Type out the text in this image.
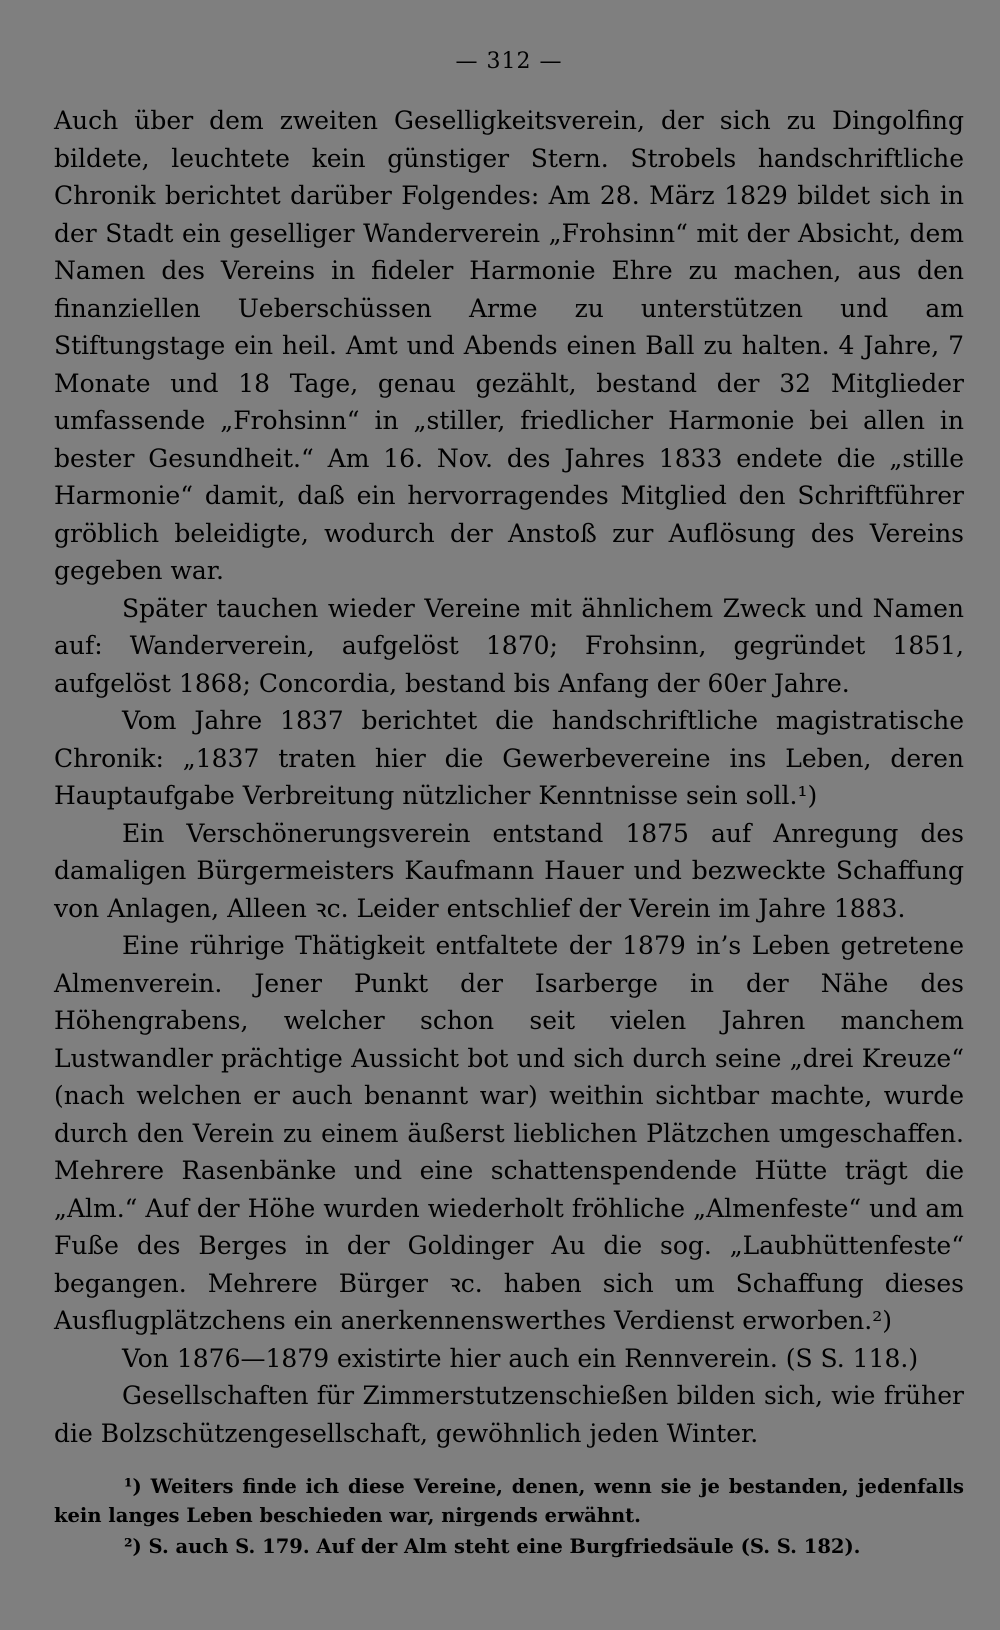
— 312 —

Auch über dem zweiten Geselligkeitsverein, der sich zu Dingolfing bildete, leuchtete kein günstiger Stern. Strobels handschriftliche Chronik berichtet darüber Folgendes: Am 28. März 1829 bildet sich in der Stadt ein geselliger Wanderverein „Frohsinn“ mit der Absicht, dem Namen des Vereins in fideler Harmonie Ehre zu machen, aus den finanziellen Ueberschüssen Arme zu unterstützen und am Stiftungstage ein heil. Amt und Abends einen Ball zu halten. 4 Jahre, 7 Monate und 18 Tage, genau gezählt, bestand der 32 Mitglieder umfassende „Frohsinn“ in „stiller, friedlicher Harmonie bei allen in bester Gesundheit.“ Am 16. Nov. des Jahres 1833 endete die „stille Harmonie“ damit, daß ein hervorragendes Mitglied den Schriftführer gröblich beleidigte, wodurch der Anstoß zur Auflösung des Vereins gegeben war.

Später tauchen wieder Vereine mit ähnlichem Zweck und Namen auf: Wanderverein, aufgelöst 1870; Frohsinn, gegründet 1851, aufgelöst 1868; Concordia, bestand bis Anfang der 60er Jahre.

Vom Jahre 1837 berichtet die handschriftliche magistratische Chronik: „1837 traten hier die Gewerbevereine ins Leben, deren Hauptaufgabe Verbreitung nützlicher Kenntnisse sein soll.¹)

Ein Verschönerungsverein entstand 1875 auf Anregung des damaligen Bürgermeisters Kaufmann Hauer und bezweckte Schaffung von Anlagen, Alleen ꝛc. Leider entschlief der Verein im Jahre 1883.

Eine rührige Thätigkeit entfaltete der 1879 in’s Leben getretene Almenverein. Jener Punkt der Isarberge in der Nähe des Höhengrabens, welcher schon seit vielen Jahren manchem Lustwandler prächtige Aussicht bot und sich durch seine „drei Kreuze“ (nach welchen er auch benannt war) weithin sichtbar machte, wurde durch den Verein zu einem äußerst lieblichen Plätzchen umgeschaffen. Mehrere Rasenbänke und eine schattenspendende Hütte trägt die „Alm.“ Auf der Höhe wurden wiederholt fröhliche „Almenfeste“ und am Fuße des Berges in der Goldinger Au die sog. „Laubhüttenfeste“ begangen. Mehrere Bürger ꝛc. haben sich um Schaffung dieses Ausflugplätzchens ein anerkennenswerthes Verdienst erworben.²)

Von 1876—1879 existirte hier auch ein Rennverein. (S S. 118.)

Gesellschaften für Zimmerstutzenschießen bilden sich, wie früher die Bolzschützengesellschaft, gewöhnlich jeden Winter.

¹) Weiters finde ich diese Vereine, denen, wenn sie je bestanden, jedenfalls kein langes Leben beschieden war, nirgends erwähnt.

²) S. auch S. 179. Auf der Alm steht eine Burgfriedsäule (S. S. 182).
